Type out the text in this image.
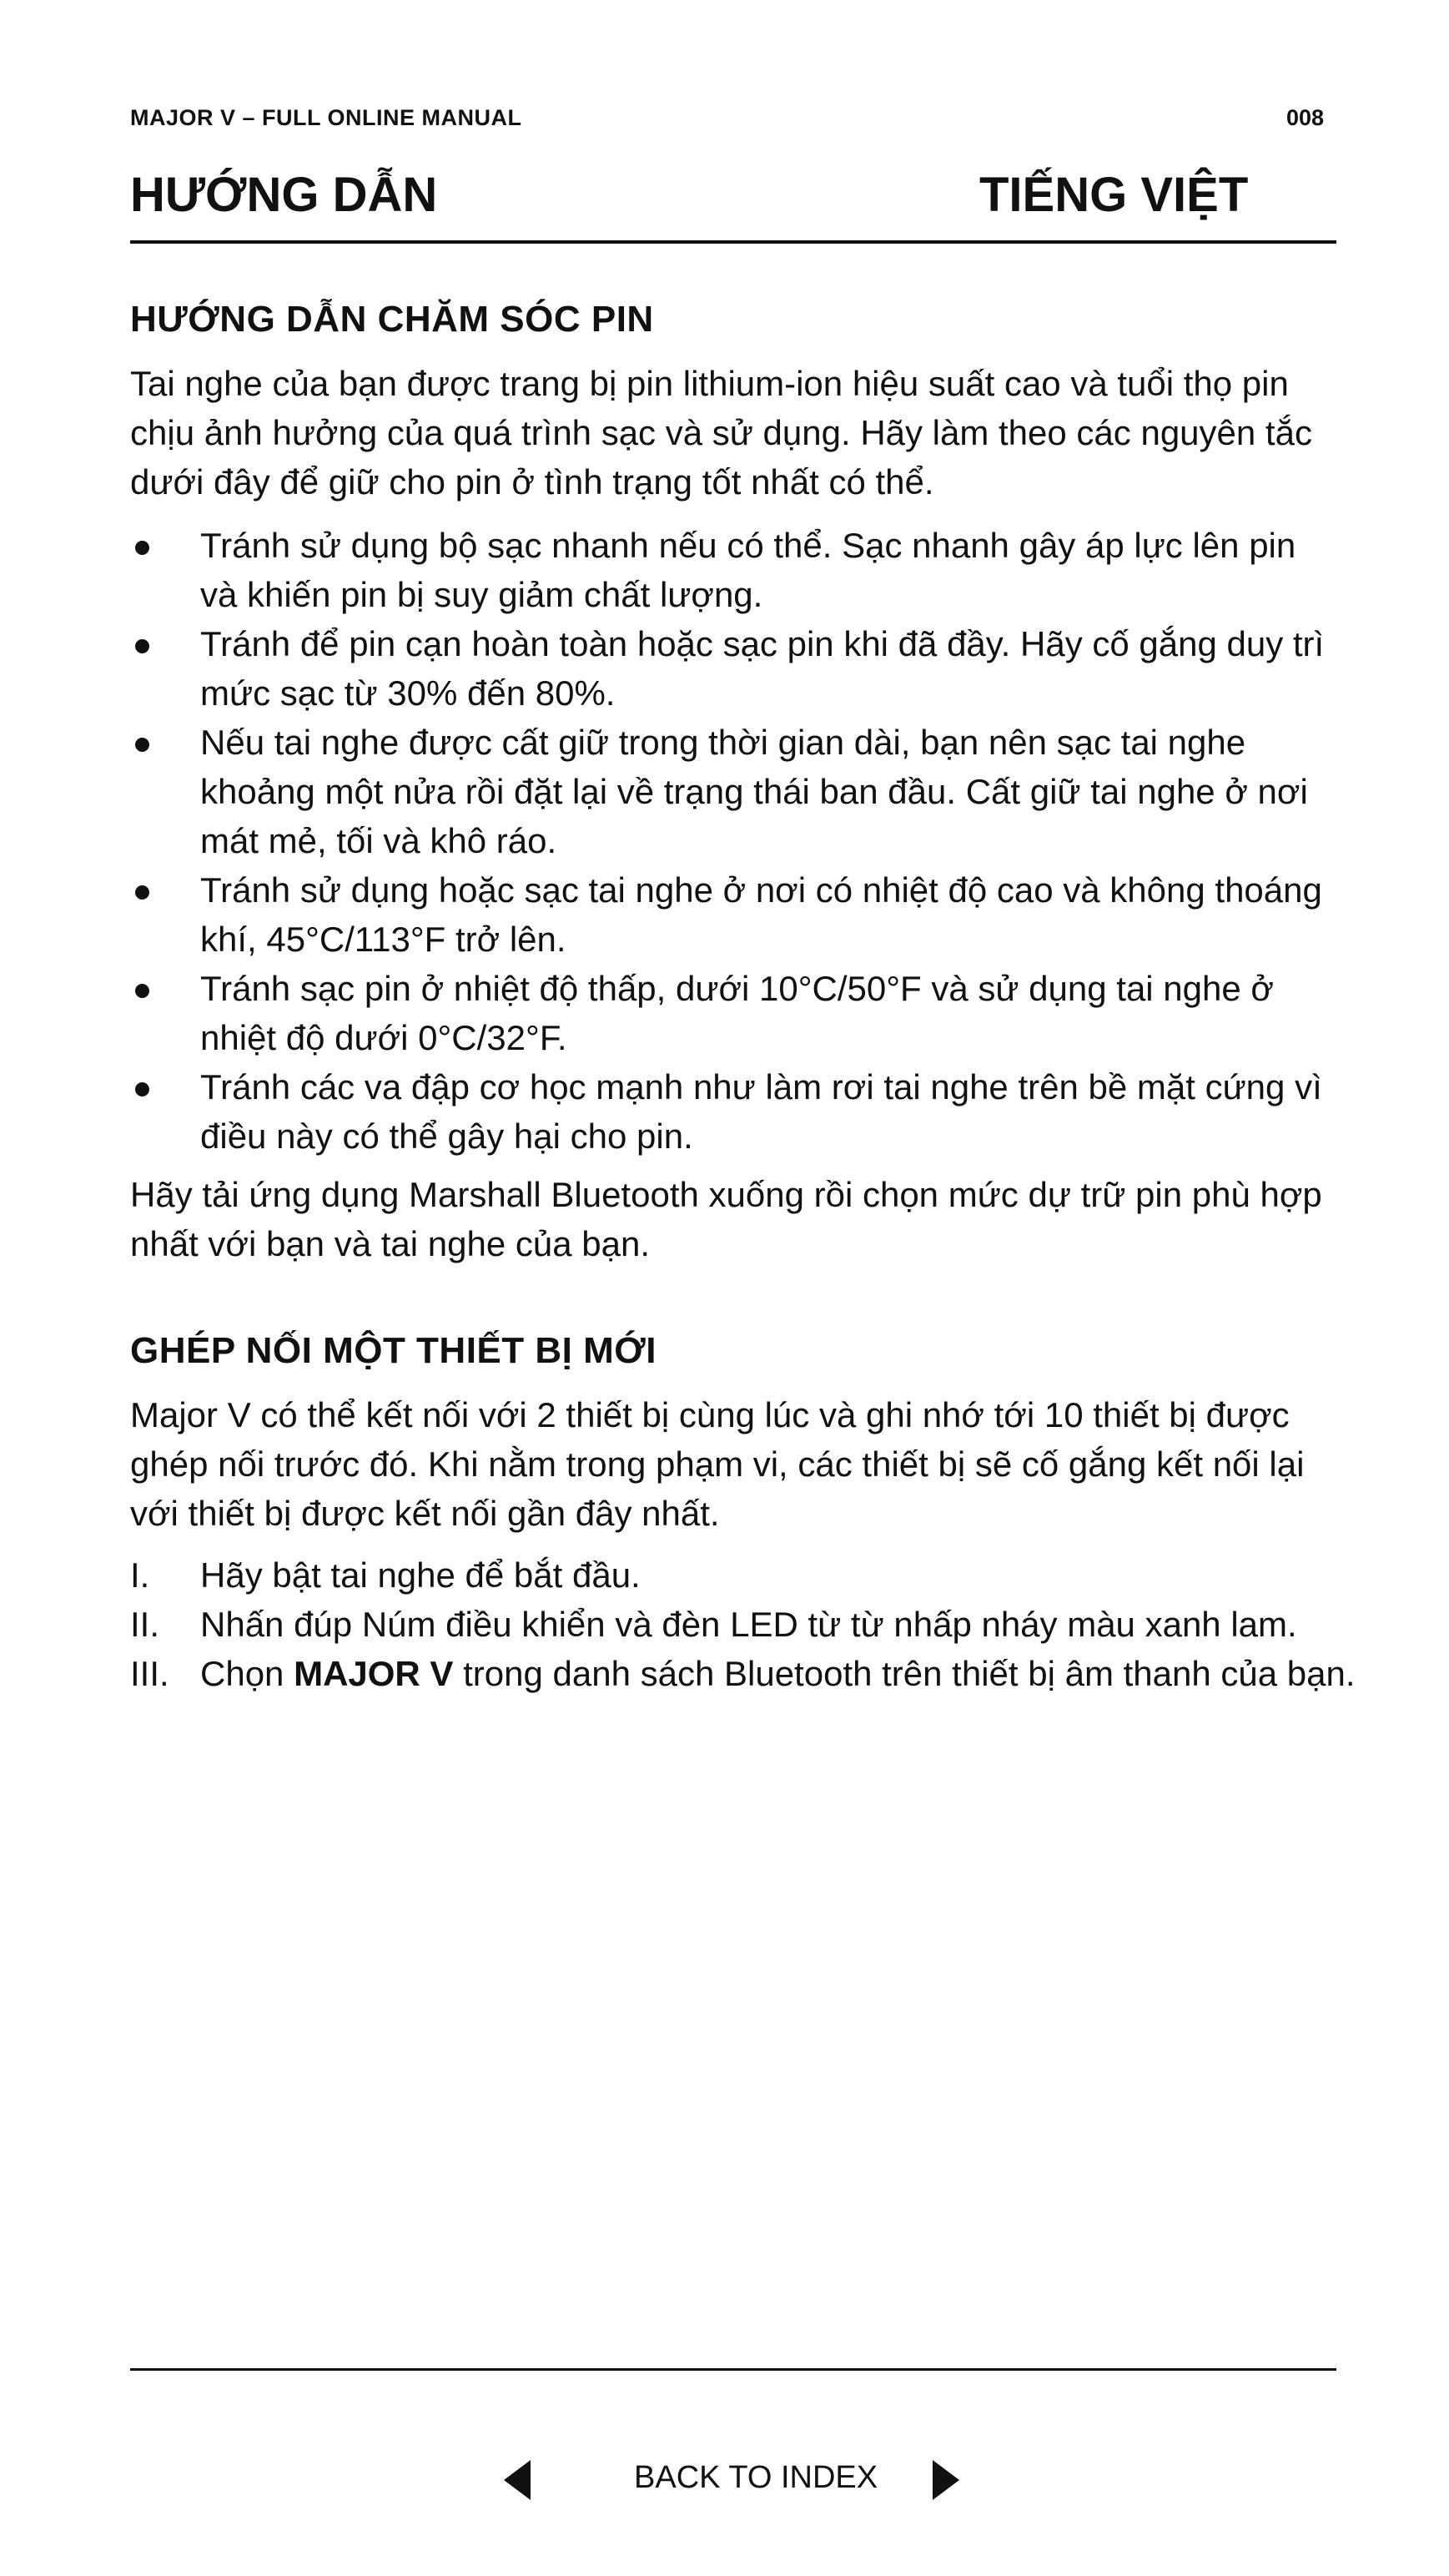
MAJOR V – FULL ONLINE MANUAL	008
HƯỚNG DẪN	TIẾNG VIỆT
HƯỚNG DẪN CHĂM SÓC PIN
Tai nghe của bạn được trang bị pin lithium-ion hiệu suất cao và tuổi thọ pin chịu ảnh hưởng của quá trình sạc và sử dụng. Hãy làm theo các nguyên tắc dưới đây để giữ cho pin ở tình trạng tốt nhất có thể.
Tránh sử dụng bộ sạc nhanh nếu có thể. Sạc nhanh gây áp lực lên pin và khiến pin bị suy giảm chất lượng.
Tránh để pin cạn hoàn toàn hoặc sạc pin khi đã đầy. Hãy cố gắng duy trì mức sạc từ 30% đến 80%.
Nếu tai nghe được cất giữ trong thời gian dài, bạn nên sạc tai nghe khoảng một nửa rồi đặt lại về trạng thái ban đầu. Cất giữ tai nghe ở nơi mát mẻ, tối và khô ráo.
Tránh sử dụng hoặc sạc tai nghe ở nơi có nhiệt độ cao và không thoáng khí, 45°C/113°F trở lên.
Tránh sạc pin ở nhiệt độ thấp, dưới 10°C/50°F và sử dụng tai nghe ở nhiệt độ dưới 0°C/32°F.
Tránh các va đập cơ học mạnh như làm rơi tai nghe trên bề mặt cứng vì điều này có thể gây hại cho pin.
Hãy tải ứng dụng Marshall Bluetooth xuống rồi chọn mức dự trữ pin phù hợp nhất với bạn và tai nghe của bạn.
GHÉP NỐI MỘT THIẾT BỊ MỚI
Major V có thể kết nối với 2 thiết bị cùng lúc và ghi nhớ tới 10 thiết bị được ghép nối trước đó. Khi nằm trong phạm vi, các thiết bị sẽ cố gắng kết nối lại với thiết bị được kết nối gần đây nhất.
I.	Hãy bật tai nghe để bắt đầu.
II.	Nhấn đúp Núm điều khiển và đèn LED từ từ nhấp nháy màu xanh lam.
III. Chọn MAJOR V trong danh sách Bluetooth trên thiết bị âm thanh của bạn.
BACK TO INDEX
